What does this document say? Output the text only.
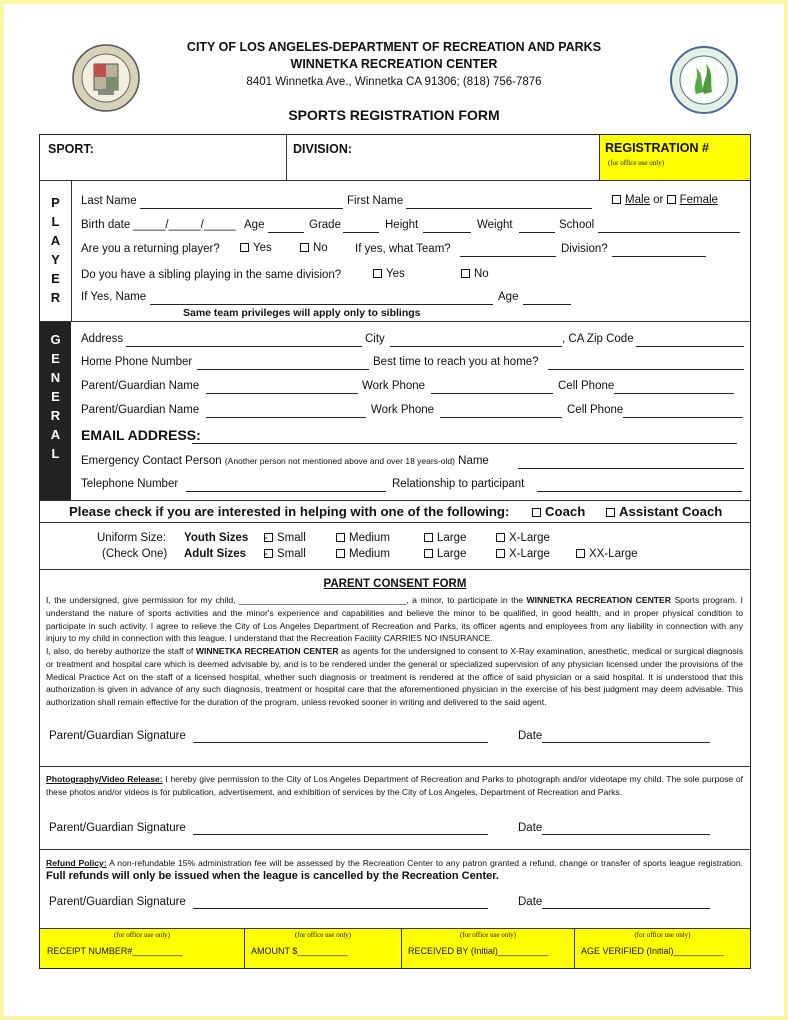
CITY OF LOS ANGELES-DEPARTMENT OF RECREATION AND PARKS
WINNETKA RECREATION CENTER
8401 Winnetka Ave., Winnetka CA 91306; (818) 756-7876
SPORTS REGISTRATION FORM
SPORT:	DIVISION:	REGISTRATION #
(for office use only)
P
L
A
Y
E
R
Last Name	First Name	Male or Female
Birth date _____/_____/_____ Age	Grade	Height	Weight	School
Are you a returning player?	Yes	No If yes, what Team?	Division?
Do you have a sibling playing in the same division?	Yes	No
If Yes, Name	Age
Same team privileges will apply only to siblings
G
E
N
E
R
A
L
Address	City	, CA Zip Code
Home Phone Number	Best time to reach you at home?
Parent/Guardian Name	Work Phone	Cell Phone
Parent/Guardian Name	Work Phone	Cell Phone
EMAIL ADDRESS:
Emergency Contact Person (Another person not mentioned above and over 18 years-old) Name
Telephone Number	Relationship to participant
Please check if you are interested in helping with one of the following:	Coach	Assistant Coach
Uniform Size:
(Check One)
Youth Sizes -
Adult Sizes -
Small	Medium	Large	X-Large
Small	Medium	Large	X-Large	XX-Large
PARENT CONSENT FORM
I, the undersigned, give permission for my child, ___________________________________, a minor, to participate in the WINNETKA RECREATION CENTER Sports program. I understand the nature of sports activities and the minor's experience and capabilities and believe the minor to be qualified, in good health, and in proper physical condition to participate in such activity. I agree to relieve the City of Los Angeles Department of Recreation and Parks, its officer agents and employees from any liability in connection with any injury to my child in connection with this league. I understand that the Recreation Facility CARRIES NO INSURANCE.
I, also, do hereby authorize the staff of WINNETKA RECREATION CENTER as agents for the undersigned to consent to X-Ray examination, anesthetic, medical or surgical diagnosis or treatment and hospital care which is deemed advisable by, and is to be rendered under the general or specialized supervision of any physician licensed under the provisions of the Medical Practice Act on the staff of a licensed hospital, whether such diagnosis or treatment is rendered at the office of said physician or a said hospital. It is understood that this authorization is given in advance of any such diagnosis, treatment or hospital care that the aforementioned physician in the exercise of his best judgment may deem advisable. This authorization shall remain effective for the duration of the program, unless revoked sooner in writing and delivered to the said agent.
Parent/Guardian Signature	Date
Photography/Video Release: I hereby give permission to the City of Los Angeles Department of Recreation and Parks to photograph and/or videotape my child. The sole purpose of these photos and/or videos is for publication, advertisement, and exhibition of services by the City of Los Angeles, Department of Recreation and Parks.
Parent/Guardian Signature	Date
Refund Policy: A non-refundable 15% administration fee will be assessed by the Recreation Center to any patron granted a refund, change or transfer of sports league registration. Full refunds will only be issued when the league is cancelled by the Recreation Center.
Parent/Guardian Signature	Date
(for office use only)
RECEIPT NUMBER#__________
(for office use only)
AMOUNT $__________
(for office use only)
RECEIVED BY (Initial)__________
(for office use only)
AGE VERIFIED (Initial)__________
